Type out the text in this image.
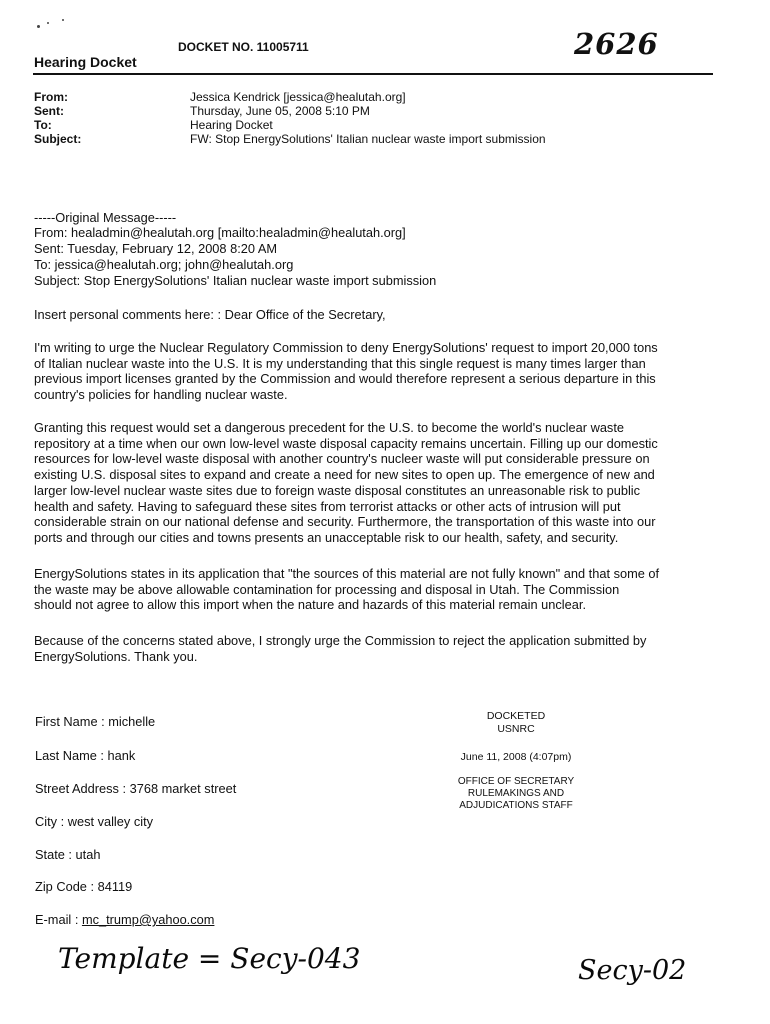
Hearing Docket
DOCKET NO. 11005711	2626
From:	Jessica Kendrick [jessica@healutah.org]
Sent:	Thursday, June 05, 2008 5:10 PM
To:	Hearing Docket
Subject:	FW: Stop EnergySolutions' Italian nuclear waste import submission
-----Original Message-----
From: healadmin@healutah.org [mailto:healadmin@healutah.org]
Sent: Tuesday, February 12, 2008 8:20 AM
To: jessica@healutah.org; john@healutah.org
Subject: Stop EnergySolutions' Italian nuclear waste import submission
Insert personal comments here: : Dear Office of the Secretary,
I'm writing to urge the Nuclear Regulatory Commission to deny EnergySolutions' request to import 20,000 tons
of Italian nuclear waste into the U.S. It is my understanding that this single request is many times larger than
previous import licenses granted by the Commission and would therefore represent a serious departure in this
country's policies for handling nuclear waste.
Granting this request would set a dangerous precedent for the U.S. to become the world's nuclear waste
repository at a time when our own low-level waste disposal capacity remains uncertain. Filling up our domestic
resources for low-level waste disposal with another country's nucleer waste will put considerable pressure on
existing U.S. disposal sites to expand and create a need for new sites to open up. The emergence of new and
larger low-level nuclear waste sites due to foreign waste disposal constitutes an unreasonable risk to public
health and safety. Having to safeguard these sites from terrorist attacks or other acts of intrusion will put
considerable strain on our national defense and security. Furthermore, the transportation of this waste into our
ports and through our cities and towns presents an unacceptable risk to our health, safety, and security.
EnergySolutions states in its application that "the sources of this material are not fully known" and that some of
the waste may be above allowable contamination for processing and disposal in Utah. The Commission
should not agree to allow this import when the nature and hazards of this material remain unclear.
Because of the concerns stated above, I strongly urge the Commission to reject the application submitted by
EnergySolutions. Thank you.
First Name : michelle
Last Name : hank
Street Address : 3768 market street
City : west valley city
State : utah
Zip Code : 84119
E-mail : mc_trump@yahoo.com
DOCKETED
USNRC
June 11, 2008 (4:07pm)
OFFICE OF SECRETARY
RULEMAKINGS AND
ADJUDICATIONS STAFF
Template = Secy-043	Secy-02
